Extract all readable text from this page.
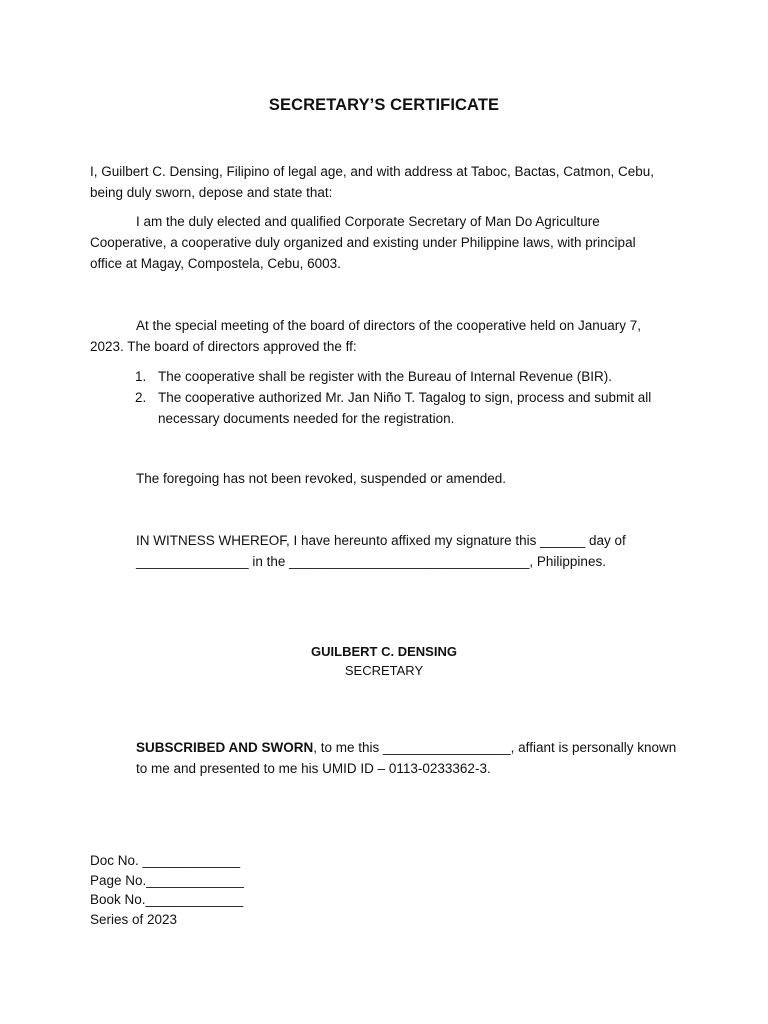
SECRETARY’S CERTIFICATE
I, Guilbert C. Densing, Filipino of legal age, and with address at Taboc, Bactas, Catmon, Cebu,
being duly sworn, depose and state that:
I am the duly elected and qualified Corporate Secretary of Man Do Agriculture
Cooperative, a cooperative duly organized and existing under Philippine laws, with principal
office at Magay, Compostela, Cebu, 6003.
At the special meeting of the board of directors of the cooperative held on January 7,
2023. The board of directors approved the ff:
1. The cooperative shall be register with the Bureau of Internal Revenue (BIR).
2. The cooperative authorized Mr. Jan Niño T. Tagalog to sign, process and submit all
necessary documents needed for the registration.
The foregoing has not been revoked, suspended or amended.
IN WITNESS WHEREOF, I have hereunto affixed my signature this ______ day of
_______________ in the ________________________________, Philippines.
GUILBERT C. DENSING
SECRETARY
SUBSCRIBED AND SWORN, to me this _________________, affiant is personally known
to me and presented to me his UMID ID – 0113-0233362-3.
Doc No. _____________
Page No._____________
Book No._____________
Series of 2023
